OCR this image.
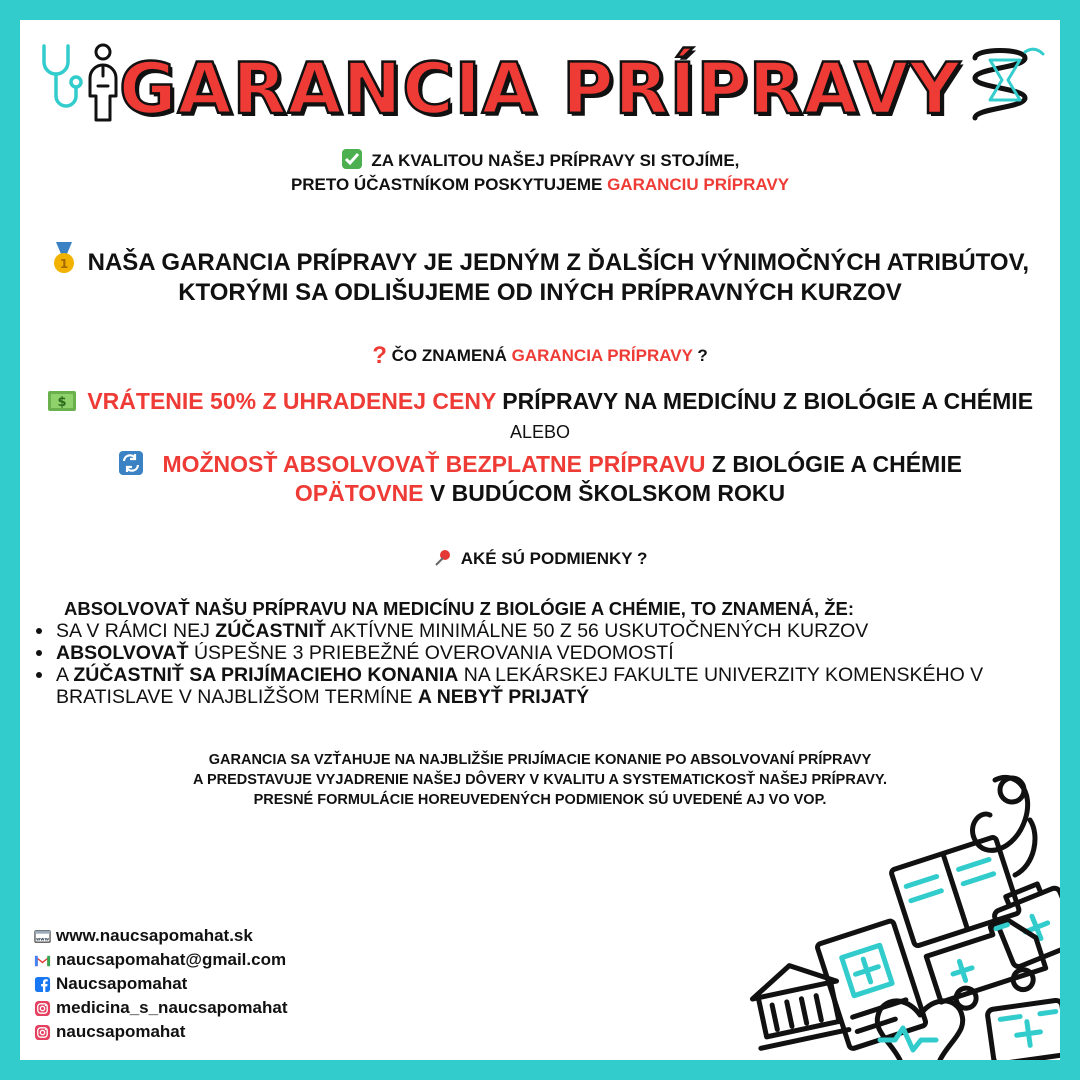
GARANCIA PRÍPRAVY
ZA KVALITOU NAŠEJ PRÍPRAVY SI STOJÍME,
PRETO ÚČASTNÍKOM POSKYTUJEME GARANCIU PRÍPRAVY
1 NAŠA GARANCIA PRÍPRAVY JE JEDNÝM Z ĎALŠÍCH VÝNIMOČNÝCH ATRIBÚTOV,
KTORÝMI SA ODLIŠUJEME OD INÝCH PRÍPRAVNÝCH KURZOV
? ČO ZNAMENÁ GARANCIA PRÍPRAVY ?
$ VRÁTENIE 50% Z UHRADENEJ CENY PRÍPRAVY NA MEDICÍNU Z BIOLÓGIE A CHÉMIE
ALEBO
MOŽNOSŤ ABSOLVOVAŤ BEZPLATNE PRÍPRAVU Z BIOLÓGIE A CHÉMIE
OPÄTOVNE V BUDÚCOM ŠKOLSKOM ROKU
AKÉ SÚ PODMIENKY ?
ABSOLVOVAŤ NAŠU PRÍPRAVU NA MEDICÍNU Z BIOLÓGIE A CHÉMIE, TO ZNAMENÁ, ŽE:
SA V RÁMCI NEJ ZÚČASTNIŤ AKTÍVNE MINIMÁLNE 50 Z 56 USKUTOČNENÝCH KURZOV
ABSOLVOVAŤ ÚSPEŠNE 3 PRIEBEŽNÉ OVEROVANIA VEDOMOSTÍ
A ZÚČASTNIŤ SA PRIJÍMACIEHO KONANIA NA LEKÁRSKEJ FAKULTE UNIVERZITY KOMENSKÉHO V BRATISLAVE V NAJBLIŽŠOM TERMÍNE A NEBYŤ PRIJATÝ
GARANCIA SA VZŤAHUJE NA NAJBLIŽŠIE PRIJÍMACIE KONANIE PO ABSOLVOVANÍ PRÍPRAVY
A PREDSTAVUJE VYJADRENIE NAŠEJ DÔVERY V KVALITU A SYSTEMATICKOSŤ NAŠEJ PRÍPRAVY.
PRESNÉ FORMULÁCIE HOREUVEDENÝCH PODMIENOK SÚ UVEDENÉ AJ VO VOP.
www www.naucsapomahat.sk
naucsapomahat@gmail.com
Naucsapomahat
medicina_s_naucsapomahat
naucsapomahat
